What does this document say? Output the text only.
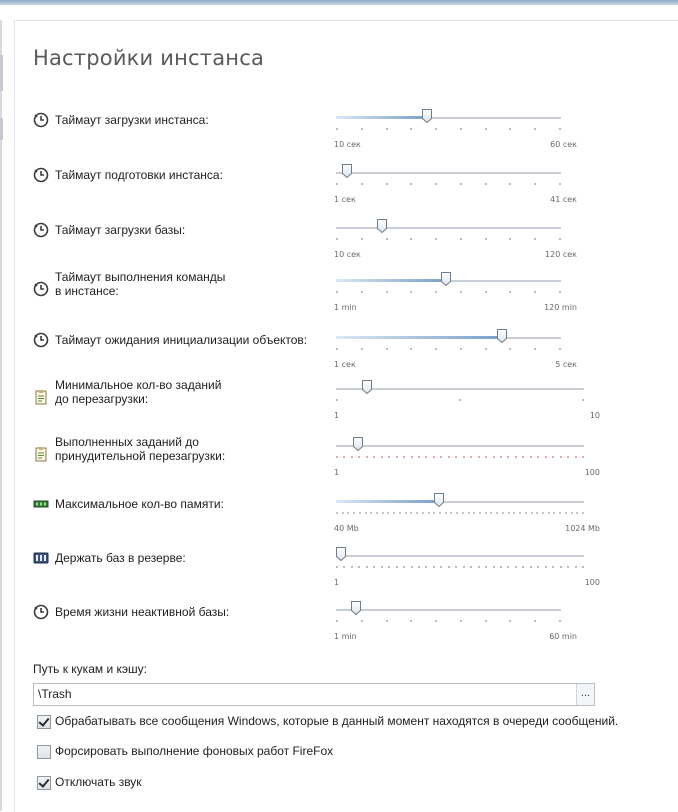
Настройки инстанса
Таймаут загрузки инстанса:
10 сек	60 сек
Таймаут подготовки инстанса:
1 сек	41 сек
Таймаут загрузки базы:
10 сек	120 сек
Таймаут выполнения команды
в инстансе:
1 min	120 min
Таймаут ожидания инициализации объектов:
1 сек	5 сек
Минимальное кол-во заданий
до перезагрузки:
1	10
Выполненных заданий до
принудительной перезагрузки:
1	100
Максимальное кол-во памяти:
40 Mb	1024 Mb
Держать баз в резерве:
1	100
Время жизни неактивной базы:
1 min	60 min
Путь к кукам и кэшу:
\Trash	...
Обрабатывать все сообщения Windows, которые в данный момент находятся в очереди сообщений.
Форсировать выполнение фоновых работ FireFox
Отключать звук
